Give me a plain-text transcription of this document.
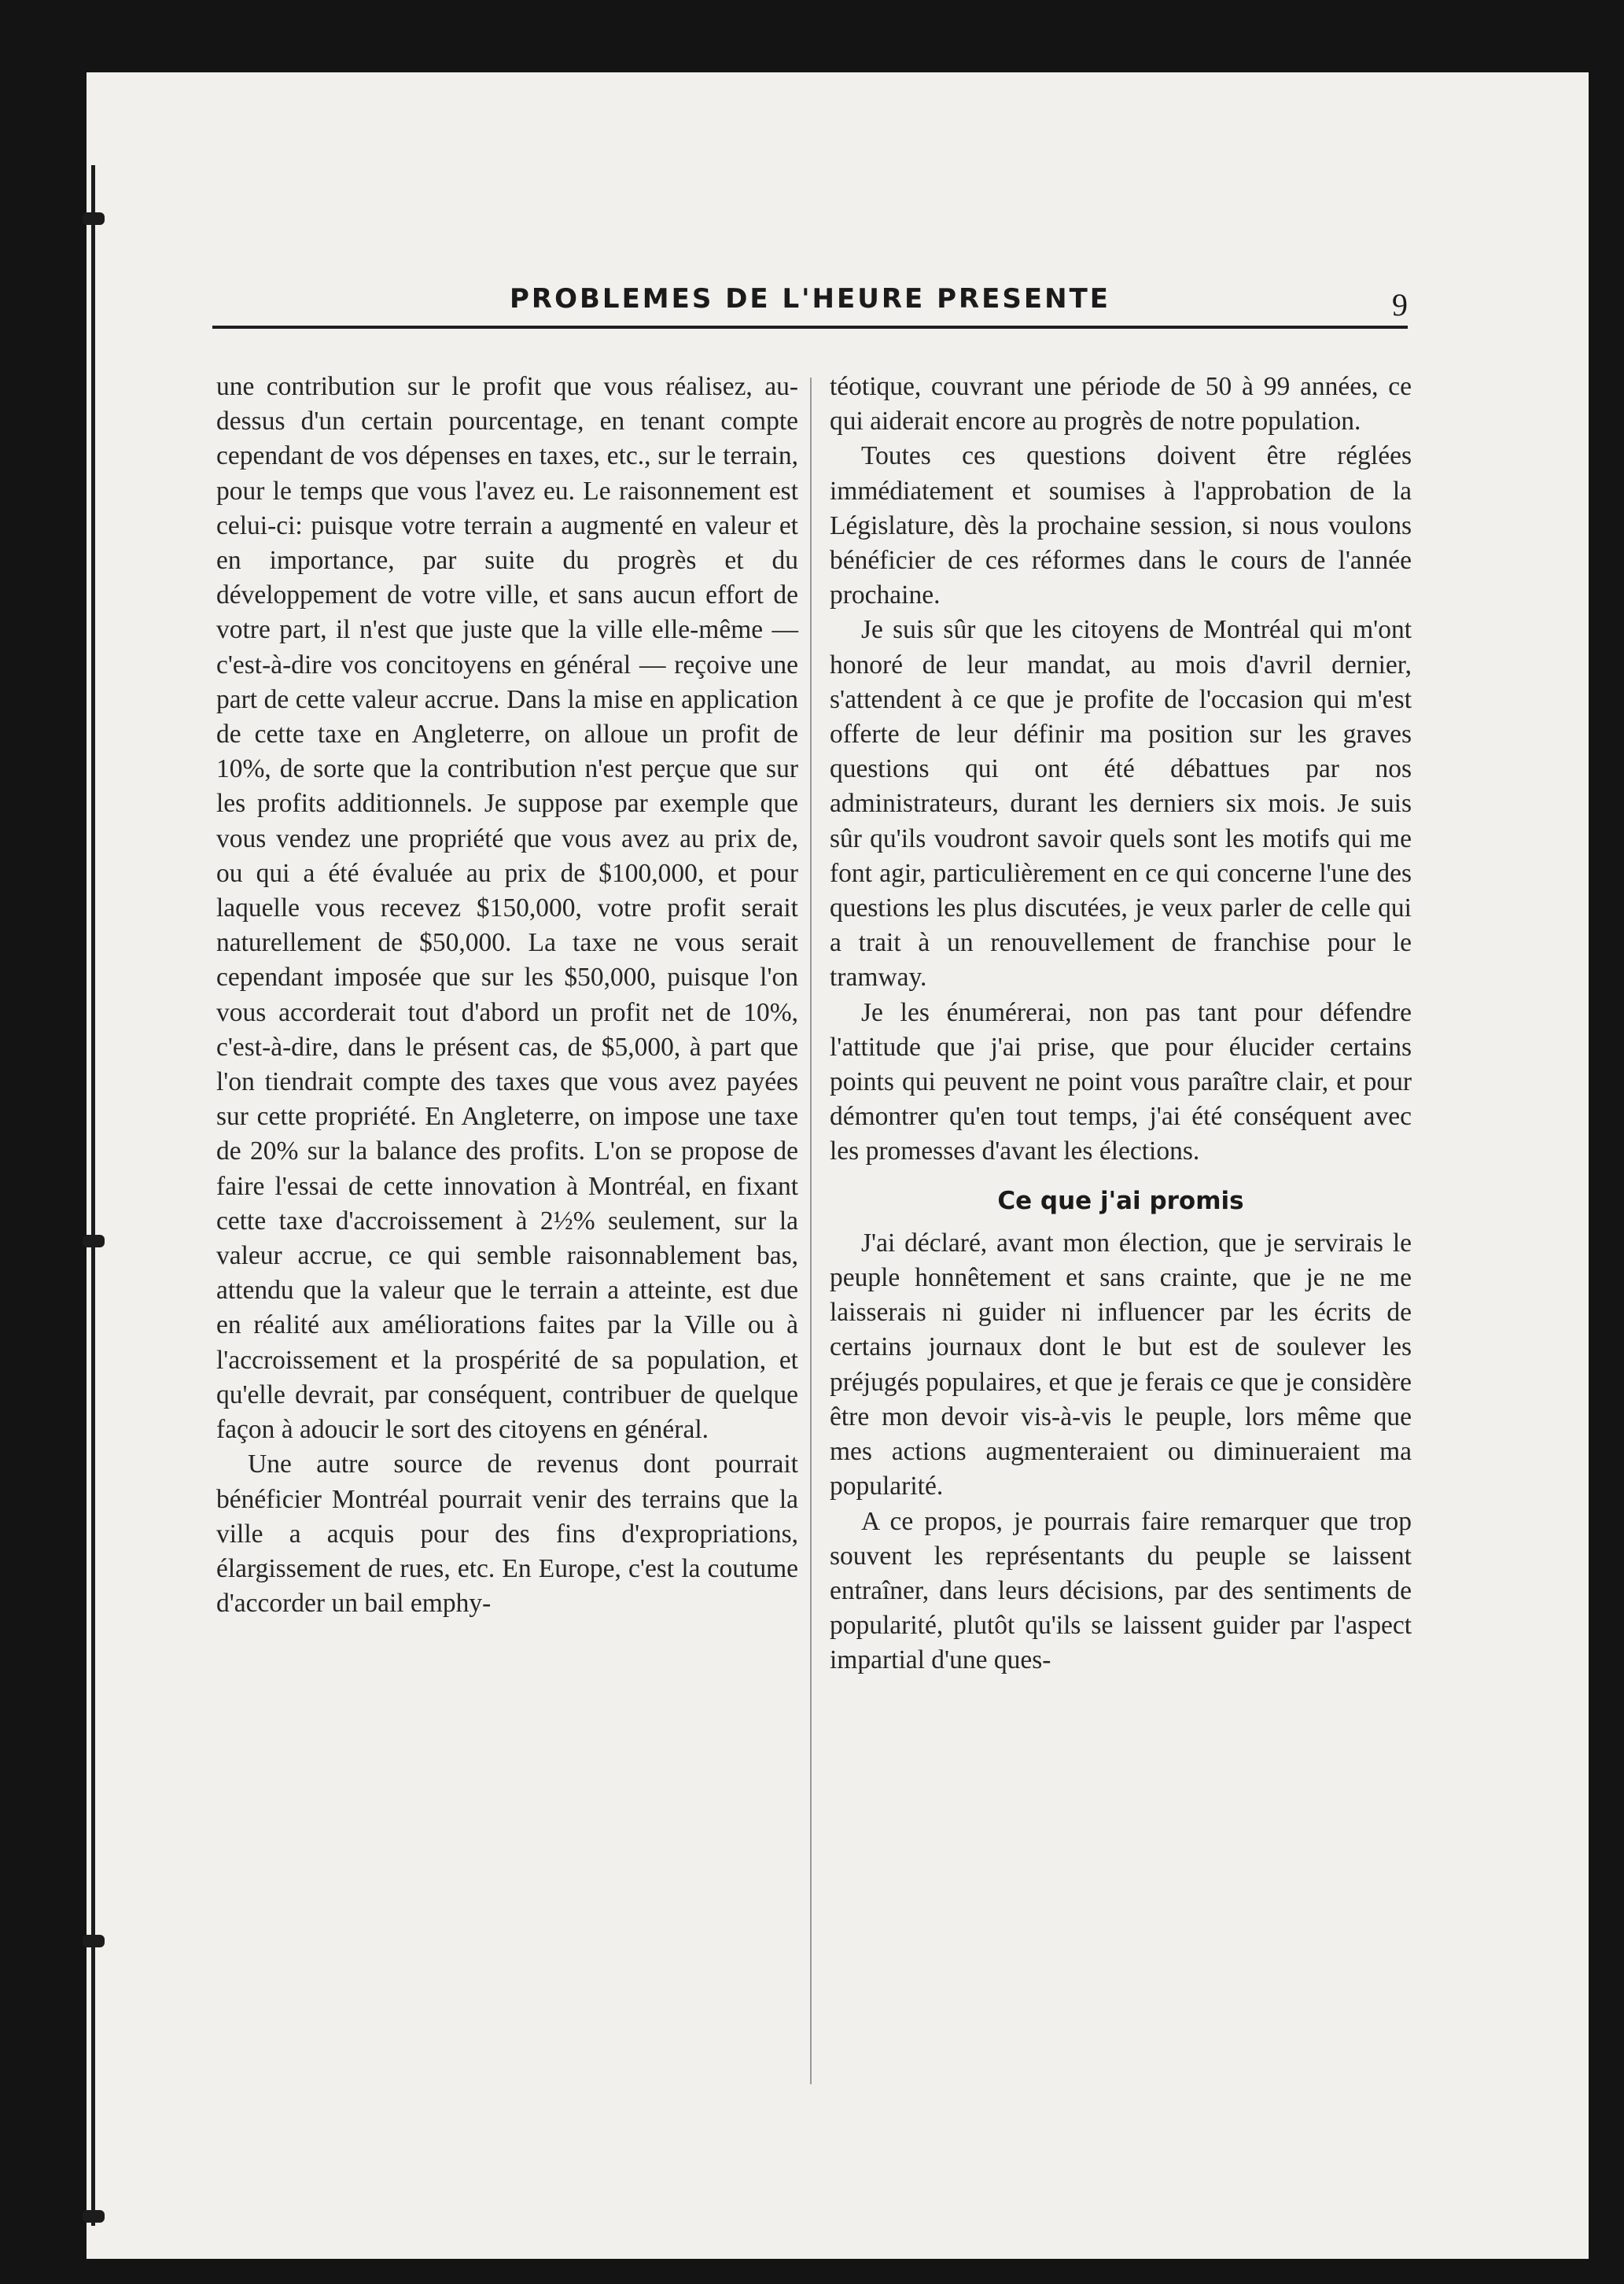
PROBLEMES DE L'HEURE PRESENTE	9

une contribution sur le profit que vous réalisez, au-dessus d'un certain pourcentage, en tenant compte cependant de vos dépenses en taxes, etc., sur le terrain, pour le temps que vous l'avez eu. Le raisonnement est celui-ci: puisque votre terrain a augmenté en valeur et en importance, par suite du progrès et du développement de votre ville, et sans aucun effort de votre part, il n'est que juste que la ville elle-même — c'est-à-dire vos concitoyens en général — reçoive une part de cette valeur accrue. Dans la mise en application de cette taxe en Angleterre, on alloue un profit de 10%, de sorte que la contribution n'est perçue que sur les profits additionnels. Je suppose par exemple que vous vendez une propriété que vous avez au prix de, ou qui a été évaluée au prix de $100,000, et pour laquelle vous recevez $150,000, votre profit serait naturellement de $50,000. La taxe ne vous serait cependant imposée que sur les $50,000, puisque l'on vous accorderait tout d'abord un profit net de 10%, c'est-à-dire, dans le présent cas, de $5,000, à part que l'on tiendrait compte des taxes que vous avez payées sur cette propriété. En Angleterre, on impose une taxe de 20% sur la balance des profits. L'on se propose de faire l'essai de cette innovation à Montréal, en fixant cette taxe d'accroissement à 2½% seulement, sur la valeur accrue, ce qui semble raisonnablement bas, attendu que la valeur que le terrain a atteinte, est due en réalité aux améliorations faites par la Ville ou à l'accroissement et la prospérité de sa population, et qu'elle devrait, par conséquent, contribuer de quelque façon à adoucir le sort des citoyens en général.

Une autre source de revenus dont pourrait bénéficier Montréal pourrait venir des terrains que la ville a acquis pour des fins d'expropriations, élargissement de rues, etc. En Europe, c'est la coutume d'accorder un bail emphy-

téotique, couvrant une période de 50 à 99 années, ce qui aiderait encore au progrès de notre population.

Toutes ces questions doivent être réglées immédiatement et soumises à l'approbation de la Législature, dès la prochaine session, si nous voulons bénéficier de ces réformes dans le cours de l'année prochaine.

Je suis sûr que les citoyens de Montréal qui m'ont honoré de leur mandat, au mois d'avril dernier, s'attendent à ce que je profite de l'occasion qui m'est offerte de leur définir ma position sur les graves questions qui ont été débattues par nos administrateurs, durant les derniers six mois. Je suis sûr qu'ils voudront savoir quels sont les motifs qui me font agir, particulièrement en ce qui concerne l'une des questions les plus discutées, je veux parler de celle qui a trait à un renouvellement de franchise pour le tramway.

Je les énumérerai, non pas tant pour défendre l'attitude que j'ai prise, que pour élucider certains points qui peuvent ne point vous paraître clair, et pour démontrer qu'en tout temps, j'ai été conséquent avec les promesses d'avant les élections.

Ce que j'ai promis

J'ai déclaré, avant mon élection, que je servirais le peuple honnêtement et sans crainte, que je ne me laisserais ni guider ni influencer par les écrits de certains journaux dont le but est de soulever les préjugés populaires, et que je ferais ce que je considère être mon devoir vis-à-vis le peuple, lors même que mes actions augmenteraient ou diminueraient ma popularité.

A ce propos, je pourrais faire remarquer que trop souvent les représentants du peuple se laissent entraîner, dans leurs décisions, par des sentiments de popularité, plutôt qu'ils se laissent guider par l'aspect impartial d'une ques-
